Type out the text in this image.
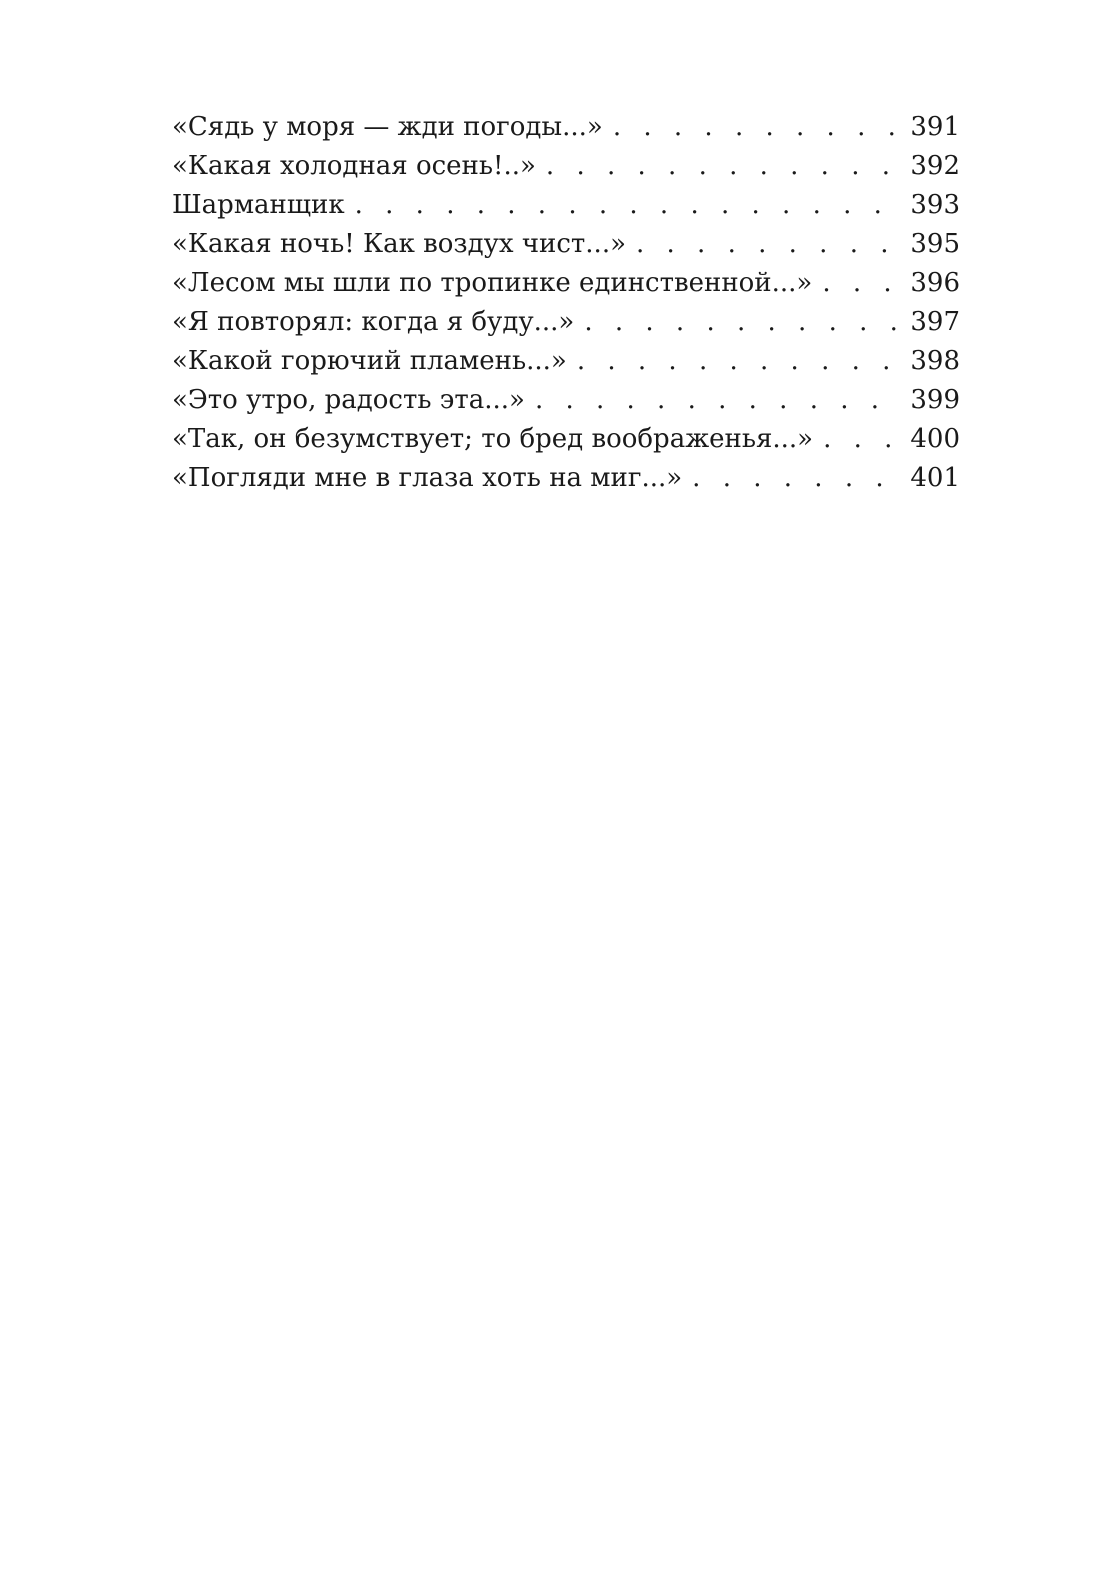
«Сядь у моря — жди погоды...» . . .	391
«Какая холодная осень!..» . . .	392
Шарманщик . . .	393
«Какая ночь! Как воздух чист...» . . .	395
«Лесом мы шли по тропинке единственной...» . . .	396
«Я повторял: когда я буду...» . . .	397
«Какой горючий пламень...» . . .	398
«Это утро, радость эта...» . . .	399
«Так, он безумствует; то бред воображенья...» . . .	400
«Погляди мне в глаза хоть на миг...» . . .	401
